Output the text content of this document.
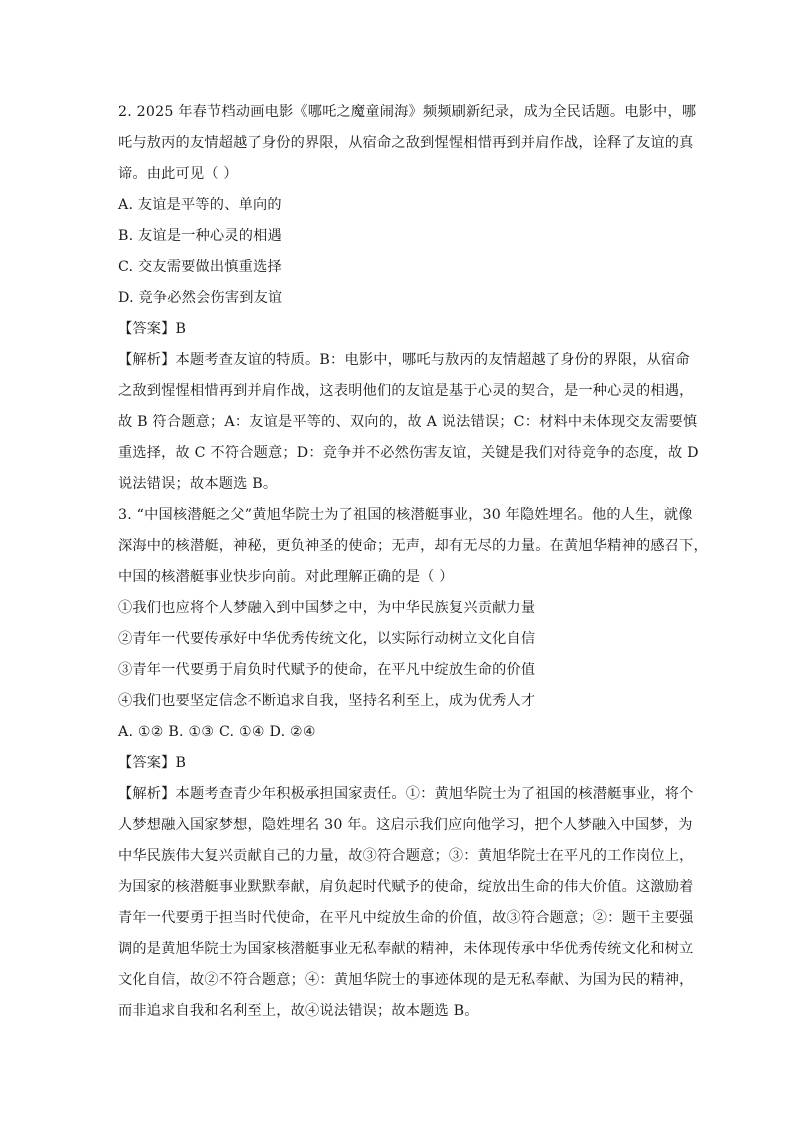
2. 2025 年春节档动画电影《哪吒之魔童闹海》频频刷新纪录，成为全民话题。电影中，哪
吒与敖丙的友情超越了身份的界限，从宿命之敌到惺惺相惜再到并肩作战，诠释了友谊的真
谛。由此可见（ ）
A. 友谊是平等的、单向的
B. 友谊是一种心灵的相遇
C. 交友需要做出慎重选择
D. 竞争必然会伤害到友谊
【答案】B
【解析】本题考查友谊的特质。B：电影中，哪吒与敖丙的友情超越了身份的界限，从宿命
之敌到惺惺相惜再到并肩作战，这表明他们的友谊是基于心灵的契合，是一种心灵的相遇，
故 B 符合题意；A：友谊是平等的、双向的，故 A 说法错误；C：材料中未体现交友需要慎
重选择，故 C 不符合题意；D：竞争并不必然伤害友谊，关键是我们对待竞争的态度，故 D
说法错误；故本题选 B。
3. “中国核潜艇之父”黄旭华院士为了祖国的核潜艇事业，30 年隐姓埋名。他的人生，就像
深海中的核潜艇，神秘，更负神圣的使命；无声，却有无尽的力量。在黄旭华精神的感召下，
中国的核潜艇事业快步向前。对此理解正确的是（ ）
①我们也应将个人梦融入到中国梦之中，为中华民族复兴贡献力量
②青年一代要传承好中华优秀传统文化，以实际行动树立文化自信
③青年一代要勇于肩负时代赋予的使命，在平凡中绽放生命的价值
④我们也要坚定信念不断追求自我，坚持名利至上，成为优秀人才
A. ①② B. ①③ C. ①④ D. ②④
【答案】B
【解析】本题考查青少年积极承担国家责任。①：黄旭华院士为了祖国的核潜艇事业，将个
人梦想融入国家梦想，隐姓埋名 30 年。这启示我们应向他学习，把个人梦融入中国梦，为
中华民族伟大复兴贡献自己的力量，故③符合题意；③：黄旭华院士在平凡的工作岗位上，
为国家的核潜艇事业默默奉献，肩负起时代赋予的使命，绽放出生命的伟大价值。这激励着
青年一代要勇于担当时代使命，在平凡中绽放生命的价值，故③符合题意；②：题干主要强
调的是黄旭华院士为国家核潜艇事业无私奉献的精神，未体现传承中华优秀传统文化和树立
文化自信，故②不符合题意；④：黄旭华院士的事迹体现的是无私奉献、为国为民的精神，
而非追求自我和名利至上，故④说法错误；故本题选 B。
